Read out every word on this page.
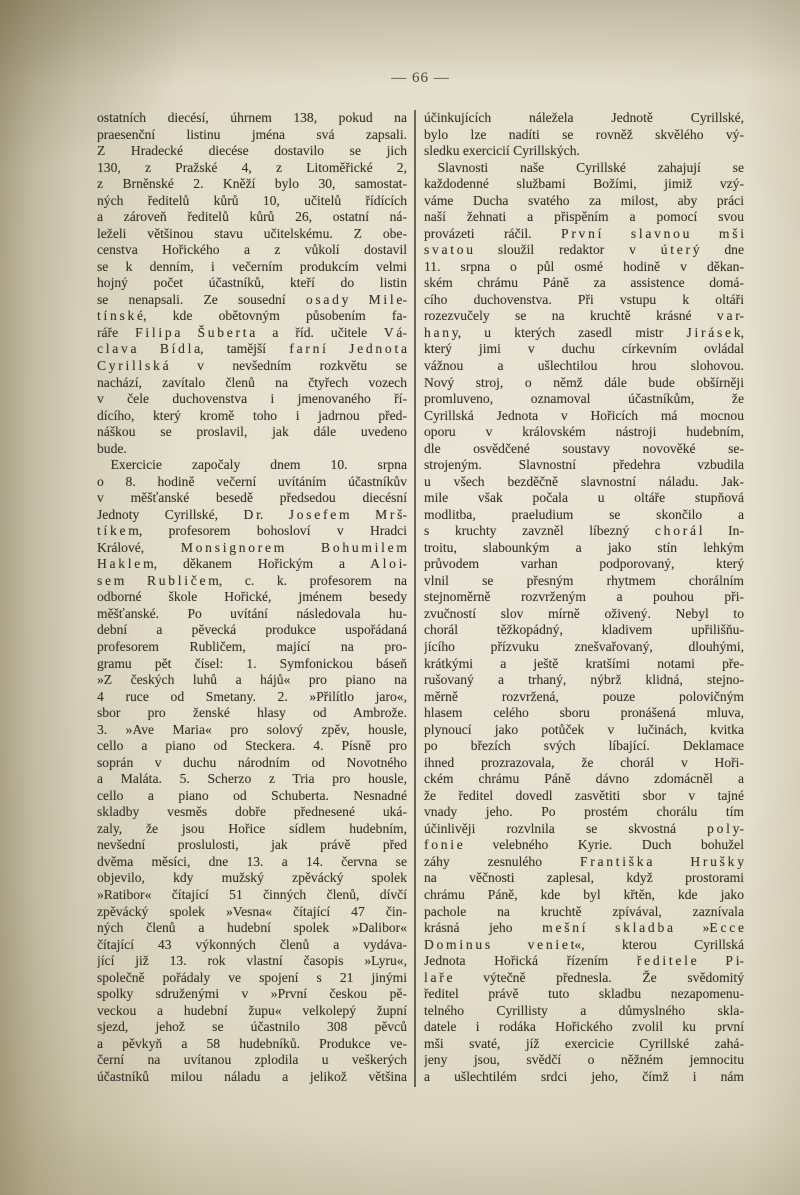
— 66 —
ostatních diecésí, úhrnem 138, pokud na
praesenční listinu jména svá zapsali.
Z Hradecké diecése dostavilo se jich
130, z Pražské 4, z Litoměřické 2,
z Brněnské 2. Kněží bylo 30, samostat-
ných ředitelů kůrů 10, učitelů řídících
a zároveň ředitelů kůrů 26, ostatní ná-
leželi většinou stavu učitelskému. Z obe-
censtva Hořického a z vůkolí dostavil
se k denním, i večerním produkcím velmi
hojný počet účastníků, kteří do listin
se nenapsali. Ze sousední o s a d y M i l e-
t í n s k é, kde obětovným působením fa-
ráře F i l i p a Š u b e r t a a říd. učitele V á-
c l a v a B í d l a, tamější f a r n í J e d n o t a
C y r i l l s k á v nevšedním rozkvětu se
nachází, zavítalo členů na čtyřech vozech
v čele duchovenstva i jmenovaného ří-
dícího, který kromě toho i jadrnou před-
náškou se proslavil, jak dále uvedeno
bude.
 Exercicie započaly dnem 10. srpna
o 8. hodině večerní uvítáním účastníkův
v měšťanské besedě předsedou diecésní
Jednoty Cyrillské, D r. J o s e f e m M r š-
t í k e m, profesorem bohosloví v Hradci
Králové, M o n s i g n o r e m B o h u m i l e m
H a k l e m, děkanem Hořickým a A l o i-
s e m R u b l i č e m, c. k. profesorem na
odborné škole Hořické, jménem besedy
měšťanské. Po uvítání následovala hu-
dební a pěvecká produkce uspořádaná
profesorem Rubličem, mající na pro-
gramu pět čísel: 1. Symfonickou báseň
»Z českých luhů a hájů« pro piano na
4 ruce od Smetany. 2. »Přilítlo jaro«,
sbor pro ženské hlasy od Ambrože.
3. »Ave Maria« pro solový zpěv, housle,
cello a piano od Steckera. 4. Písně pro
soprán v duchu národním od Novotného
a Maláta. 5. Scherzo z Tria pro housle,
cello a piano od Schuberta. Nesnadné
skladby vesměs dobře přednesené uká-
zaly, že jsou Hořice sídlem hudebním,
nevšední proslulosti, jak právě před
dvěma měsíci, dne 13. a 14. června se
objevilo, kdy mužský zpěvácký spolek
»Ratibor« čítající 51 činných členů, dívčí
zpěvácký spolek »Vesna« čítající 47 čin-
ných členů a hudební spolek »Dalibor«
čítající 43 výkonných členů a vydáva-
jící již 13. rok vlastní časopis »Lyru«,
společně pořádaly ve spojení s 21 jinými
spolky sdruženými v »První českou pě-
veckou a hudební župu« velkolepý župní
sjezd, jehož se účastnilo 308 pěvců
a pěvkyň a 58 hudebníků. Produkce ve-
černí na uvítanou zplodila u veškerých
účastníků milou náladu a jelikož většina
účinkujících náležela Jednotě Cyrillské,
bylo lze nadíti se rovněž skvělého vý-
sledku exercicií Cyrillských.
 Slavnosti naše Cyrillské zahajují se
každodenné službami Božími, jimiž vzý-
váme Ducha svatého za milost, aby práci
naší žehnati a přispěním a pomocí svou
provázeti ráčil. P r v n í s l a v n o u m š i
s v a t o u sloužil redaktor v ú t e r ý dne
11. srpna o půl osmé hodině v děkan-
ském chrámu Páně za assistence domá-
cího duchovenstva. Při vstupu k oltáři
rozezvučely se na kruchtě krásné v a r-
h a n y, u kterých zasedl mistr J i r á s e k,
který jimi v duchu církevním ovládal
vážnou a ušlechtilou hrou slohovou.
Nový stroj, o němž dále bude obšírněji
promluveno, oznamoval účastníkům, že
Cyrillská Jednota v Hořicích má mocnou
oporu v královském nástroji hudebním,
dle osvědčené soustavy novověké se-
strojeným. Slavnostní předehra vzbudila
u všech bezděčně slavnostní náladu. Jak-
mile však počala u oltáře stupňová
modlitba, praeludium se skončilo a
s kruchty zavzněl líbezný c h o r á l In-
troitu, slabounkým a jako stín lehkým
průvodem varhan podporovaný, který
vlnil se přesným rhytmem chorálním
stejnoměrně rozvrženým a pouhou při-
zvučností slov mírně oživený. Nebyl to
chorál těžkopádný, kladivem upřilišňu-
jícího přízvuku znešvařovaný, dlouhými,
krátkými a ještě kratšími notami pře-
rušovaný a trhaný, nýbrž klidná, stejno-
měrně rozvržená, pouze polovičným
hlasem celého sboru pronášená mluva,
plynoucí jako potůček v lučinách, kvitka
po březích svých líbající. Deklamace
ihned prozrazovala, že chorál v Hoři-
ckém chrámu Páně dávno zdomácněl a
že ředitel dovedl zasvětiti sbor v tajné
vnady jeho. Po prostém chorálu tím
účinlivěji rozvlnila se skvostná p o l y-
f o n i e velebného Kyrie. Duch bohužel
záhy zesnulého F r a n t i š k a H r u š k y
na věčnosti zaplesal, když prostorami
chrámu Páně, kde byl křtěn, kde jako
pachole na kruchtě zpívával, zaznívala
krásná jeho m e š n í s k l a d b a »E c c e
D o m i n u s v e n i e t«, kterou Cyrillská
Jednota Hořická řízením ř e d i t e l e P i-
l a ř e výtečně přednesla. Že svědomitý
ředitel právě tuto skladbu nezapomenu-
telného Cyrillisty a důmyslného skla-
datele i rodáka Hořického zvolil ku první
mši svaté, jíž exercicie Cyrillské zahá-
jeny jsou, svědčí o něžném jemnocitu
a ušlechtilém srdci jeho, čímž i nám
